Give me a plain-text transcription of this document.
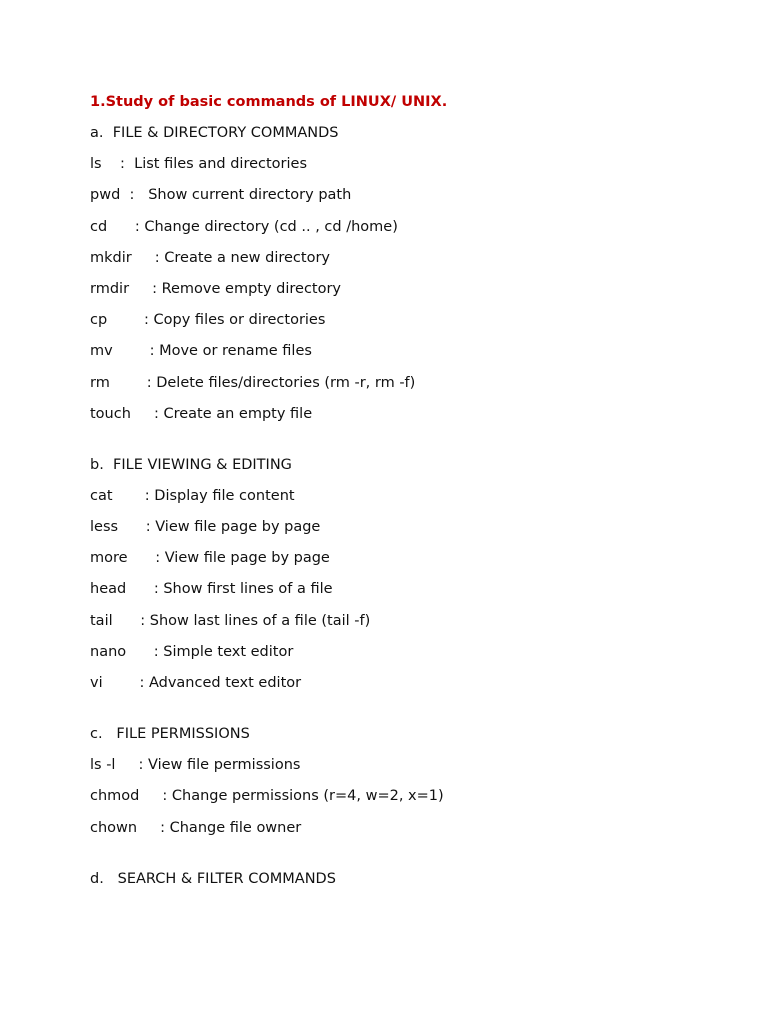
1.Study of basic commands of LINUX/ UNIX.
a.  FILE & DIRECTORY COMMANDS
ls    :  List files and directories
pwd  :   Show current directory path
cd      : Change directory (cd .. , cd /home)
mkdir     : Create a new directory
rmdir     : Remove empty directory
cp        : Copy files or directories
mv        : Move or rename files
rm        : Delete files/directories (rm -r, rm -f)
touch     : Create an empty file
b.  FILE VIEWING & EDITING
cat       : Display file content
less      : View file page by page
more      : View file page by page
head      : Show first lines of a file
tail      : Show last lines of a file (tail -f)
nano      : Simple text editor
vi        : Advanced text editor
c.   FILE PERMISSIONS
ls -l     : View file permissions
chmod     : Change permissions (r=4, w=2, x=1)
chown     : Change file owner
d.   SEARCH & FILTER COMMANDS
